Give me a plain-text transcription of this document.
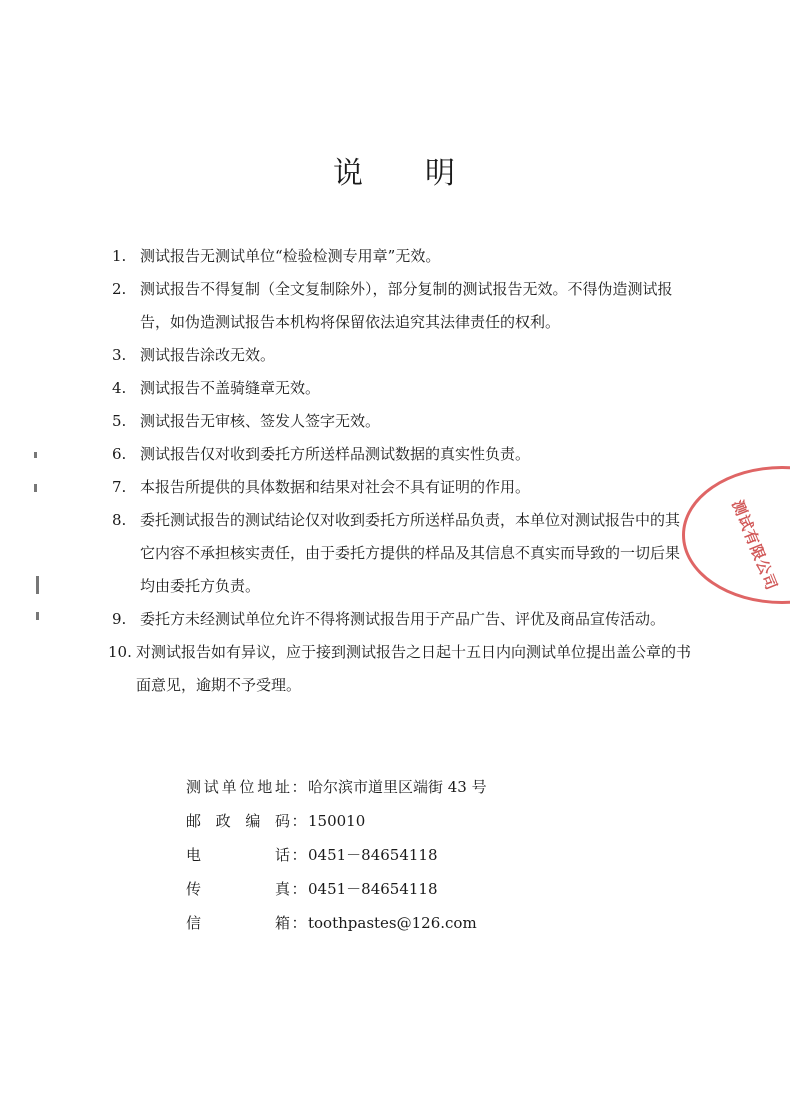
说 明
1. 测试报告无测试单位“检验检测专用章”无效。
2. 测试报告不得复制（全文复制除外），部分复制的测试报告无效。不得伪造测试报告，如伪造测试报告本机构将保留依法追究其法律责任的权利。
3. 测试报告涂改无效。
4. 测试报告不盖骑缝章无效。
5. 测试报告无审核、签发人签字无效。
6. 测试报告仅对收到委托方所送样品测试数据的真实性负责。
7. 本报告所提供的具体数据和结果对社会不具有证明的作用。
8. 委托测试报告的测试结论仅对收到委托方所送样品负责，本单位对测试报告中的其它内容不承担核实责任，由于委托方提供的样品及其信息不真实而导致的一切后果均由委托方负责。
9. 委托方未经测试单位允许不得将测试报告用于产品广告、评优及商品宣传活动。
10. 对测试报告如有异议，应于接到测试报告之日起十五日内向测试单位提出盖公章的书面意见，逾期不予受理。
测试单位地址 ： 哈尔滨市道里区端街 43 号
邮政编码 ： 150010
电话 ： 0451－84654118
传真 ： 0451－84654118
信箱 ： toothpastes@126.com
测试有限公司
